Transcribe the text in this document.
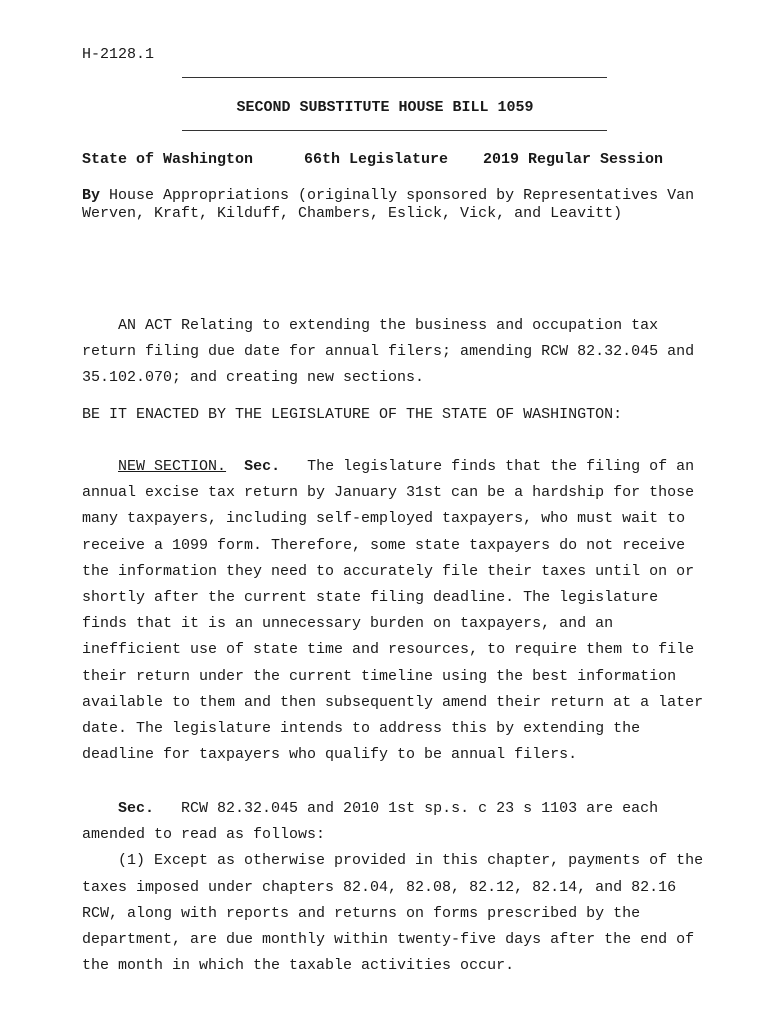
H-2128.1
SECOND SUBSTITUTE HOUSE BILL 1059
State of Washington	66th Legislature 2019 Regular Session
By House Appropriations (originally sponsored by Representatives Van
Werven, Kraft, Kilduff, Chambers, Eslick, Vick, and Leavitt)
AN ACT Relating to extending the business and occupation tax
return filing due date for annual filers; amending RCW 82.32.045 and
35.102.070; and creating new sections.
BE IT ENACTED BY THE LEGISLATURE OF THE STATE OF WASHINGTON:
NEW SECTION. Sec.   The legislature finds that the filing of an
annual excise tax return by January 31st can be a hardship for those
many taxpayers, including self-employed taxpayers, who must wait to
receive a 1099 form. Therefore, some state taxpayers do not receive
the information they need to accurately file their taxes until on or
shortly after the current state filing deadline. The legislature
finds that it is an unnecessary burden on taxpayers, and an
inefficient use of state time and resources, to require them to file
their return under the current timeline using the best information
available to them and then subsequently amend their return at a later
date. The legislature intends to address this by extending the
deadline for taxpayers who qualify to be annual filers.
Sec.   RCW 82.32.045 and 2010 1st sp.s. c 23 s 1103 are each
amended to read as follows:
(1) Except as otherwise provided in this chapter, payments of the
taxes imposed under chapters 82.04, 82.08, 82.12, 82.14, and 82.16
RCW, along with reports and returns on forms prescribed by the
department, are due monthly within twenty-five days after the end of
the month in which the taxable activities occur.
